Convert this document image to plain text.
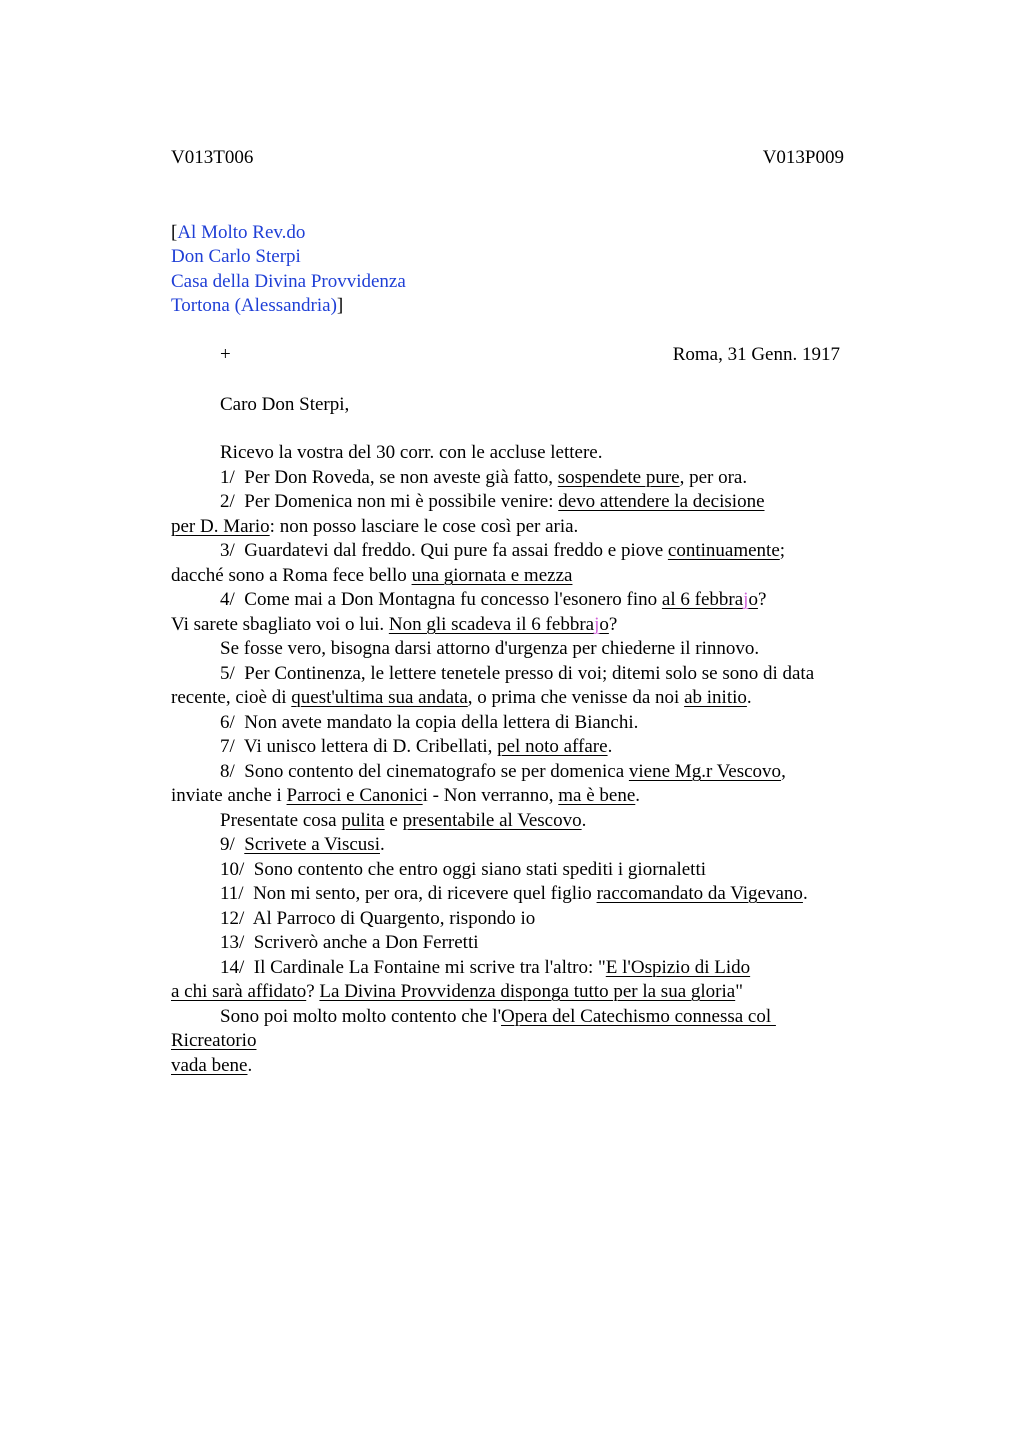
V013T006	V013P009
[Al Molto Rev.do
Don Carlo Sterpi
Casa della Divina Provvidenza
Tortona (Alessandria)]
+	Roma, 31 Genn. 1917
Caro Don Sterpi,
Ricevo la vostra del 30 corr. con le accluse lettere.
1/  Per Don Roveda, se non aveste già fatto, sospendete pure, per ora.
2/  Per Domenica non mi è possibile venire: devo attendere la decisione
per D. Mario: non posso lasciare le cose così per aria.
3/  Guardatevi dal freddo. Qui pure fa assai freddo e piove continuamente;
dacché sono a Roma fece bello una giornata e mezza
4/  Come mai a Don Montagna fu concesso l'esonero fino al 6 febbrajo?
Vi sarete sbagliato voi o lui. Non gli scadeva il 6 febbrajo?
Se fosse vero, bisogna darsi attorno d'urgenza per chiederne il rinnovo.
5/  Per Continenza, le lettere tenetele presso di voi; ditemi solo se sono di data
recente, cioè di quest'ultima sua andata, o prima che venisse da noi ab initio.
6/  Non avete mandato la copia della lettera di Bianchi.
7/  Vi unisco lettera di D. Cribellati, pel noto affare.
8/  Sono contento del cinematografo se per domenica viene Mg.r Vescovo,
inviate anche i Parroci e Canonici - Non verranno, ma è bene.
Presentate cosa pulita e presentabile al Vescovo.
9/  Scrivete a Viscusi.
10/  Sono contento che entro oggi siano stati spediti i giornaletti
11/  Non mi sento, per ora, di ricevere quel figlio raccomandato da Vigevano.
12/  Al Parroco di Quargento, rispondo io
13/  Scriverò anche a Don Ferretti
14/  Il Cardinale La Fontaine mi scrive tra l'altro: "E l'Ospizio di Lido
a chi sarà affidato? La Divina Provvidenza disponga tutto per la sua gloria"
Sono poi molto molto contento che l'Opera del Catechismo connessa col
Ricreatorio
vada bene.
